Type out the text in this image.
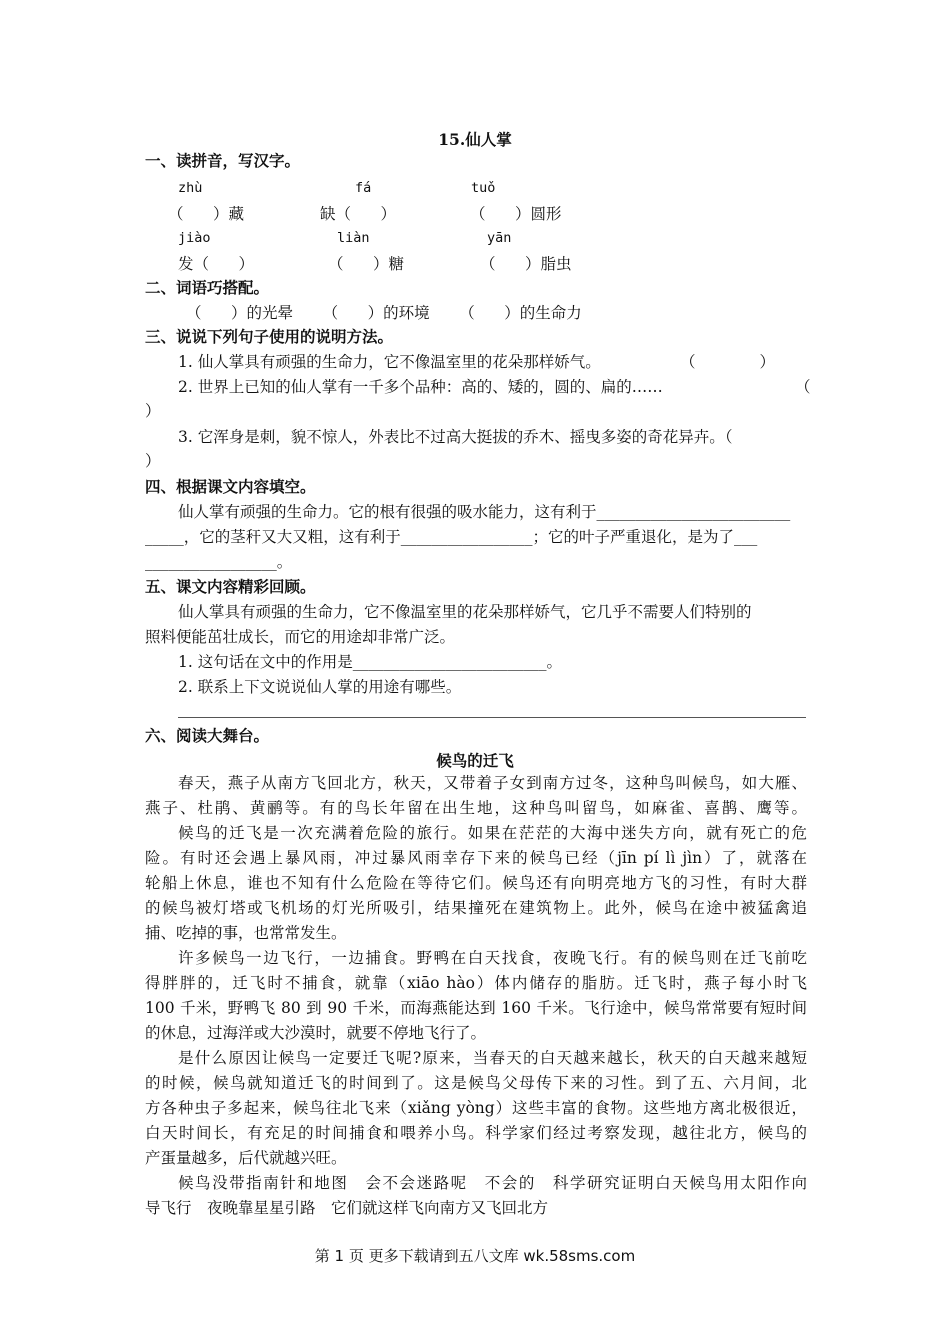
15.仙人掌
一、读拼音，写汉字。
zhù	fá	tuǒ
（      ）藏	缺（      ）	（      ）圆形
jiào	liàn	yān
发（      ）	（      ）糖	（      ）脂虫
二、词语巧搭配。
（      ）的光晕      （      ）的环境      （      ）的生命力
三、说说下列句子使用的说明方法。
1. 仙人掌具有顽强的生命力，它不像温室里的花朵那样娇气。	（             ）
2. 世界上已知的仙人掌有一千多个品种：高的、矮的，圆的、扁的……	（
）
3. 它浑身是刺，貌不惊人，外表比不过高大挺拔的乔木、摇曳多姿的奇花异卉。（
）
四、根据课文内容填空。
仙人掌有顽强的生命力。它的根有很强的吸水能力，这有利于_________________________
_____，它的茎秆又大又粗，这有利于_________________；它的叶子严重退化，是为了___
_________________。
五、课文内容精彩回顾。
仙人掌具有顽强的生命力，它不像温室里的花朵那样娇气，它几乎不需要人们特别的
照料便能茁壮成长，而它的用途却非常广泛。
1. 这句话在文中的作用是_________________________。
2. 联系上下文说说仙人掌的用途有哪些。
六、阅读大舞台。
候鸟的迁飞
春天，燕子从南方飞回北方，秋天，又带着子女到南方过冬，这种鸟叫候鸟，如大雁、
燕子、杜鹃、黄鹂等。有的鸟长年留在出生地，这种鸟叫留鸟，如麻雀、喜鹊、鹰等。
候鸟的迁飞是一次充满着危险的旅行。如果在茫茫的大海中迷失方向，就有死亡的危
险。有时还会遇上暴风雨，冲过暴风雨幸存下来的候鸟已经（jīn pí lì jìn）了，就落在
轮船上休息，谁也不知有什么危险在等待它们。候鸟还有向明亮地方飞的习性，有时大群
的候鸟被灯塔或飞机场的灯光所吸引，结果撞死在建筑物上。此外，候鸟在途中被猛禽追
捕、吃掉的事，也常常发生。
许多候鸟一边飞行，一边捕食。野鸭在白天找食，夜晚飞行。有的候鸟则在迁飞前吃
得胖胖的，迁飞时不捕食，就靠（xiāo hào）体内储存的脂肪。迁飞时，燕子每小时飞
100 千米，野鸭飞 80 到 90 千米，而海燕能达到 160 千米。飞行途中，候鸟常常要有短时间
的休息，过海洋或大沙漠时，就要不停地飞行了。
是什么原因让候鸟一定要迁飞呢?原来，当春天的白天越来越长，秋天的白天越来越短
的时候，候鸟就知道迁飞的时间到了。这是候鸟父母传下来的习性。到了五、六月间，北
方各种虫子多起来，候鸟往北飞来（xiǎng yòng）这些丰富的食物。这些地方离北极很近，
白天时间长，有充足的时间捕食和喂养小鸟。科学家们经过考察发现，越往北方，候鸟的
产蛋量越多，后代就越兴旺。
候鸟没带指南针和地图　会不会迷路呢　不会的　科学研究证明白天候鸟用太阳作向
导飞行　夜晚靠星星引路　它们就这样飞向南方又飞回北方
第 1 页 更多下载请到五八文库 wk.58sms.com
